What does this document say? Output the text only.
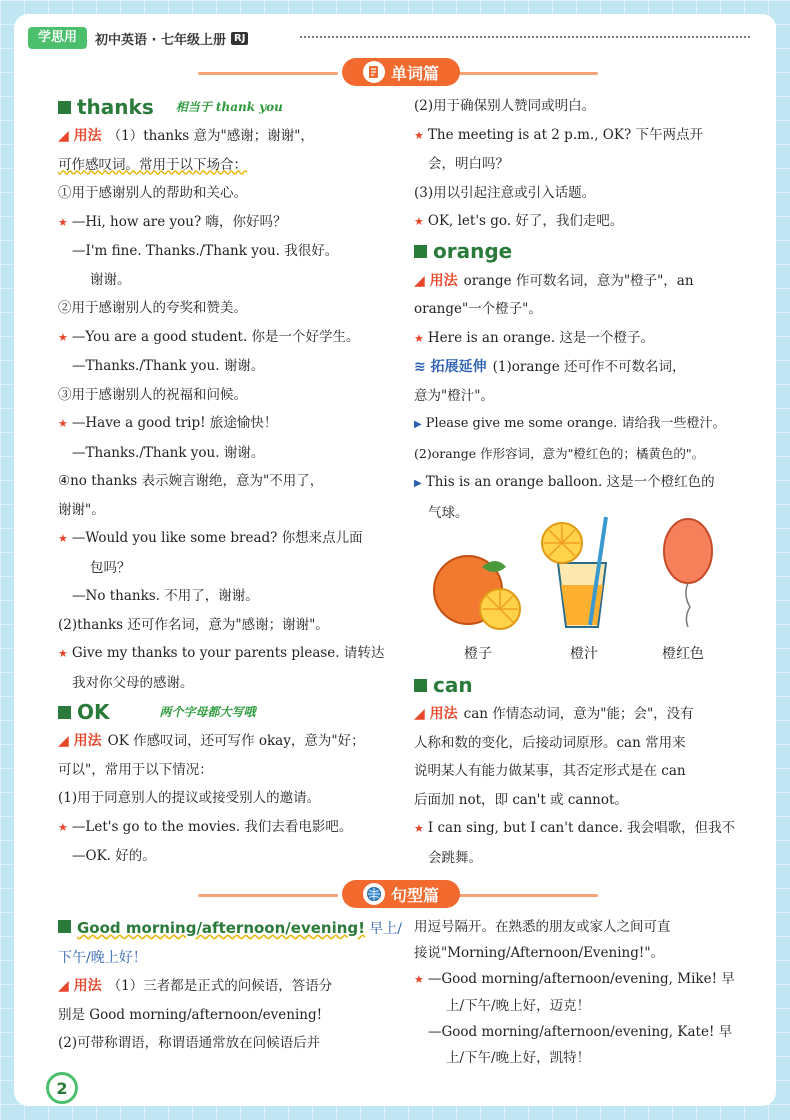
学思用	初中英语 · 七年级上册 RJ
单词篇
thanks 相当于 thank you

◢ 用法 （1）thanks 意为"感谢；谢谢"，

可作感叹词。常用于以下场合：

①用于感谢别人的帮助和关心。

★ —Hi, how are you? 嗨，你好吗？

—I'm fine. Thanks./Thank you. 我很好。

谢谢。

②用于感谢别人的夸奖和赞美。

★ —You are a good student. 你是一个好学生。

—Thanks./Thank you. 谢谢。

③用于感谢别人的祝福和问候。

★ —Have a good trip! 旅途愉快！

—Thanks./Thank you. 谢谢。

④no thanks 表示婉言谢绝，意为"不用了，

谢谢"。

★ —Would you like some bread? 你想来点儿面

包吗？

—No thanks. 不用了，谢谢。

(2)thanks 还可作名词，意为"感谢；谢谢"。

★ Give my thanks to your parents please. 请转达

我对你父母的感谢。

OK	两个字母都大写哦

◢ 用法 OK 作感叹词，还可写作 okay，意为"好；

可以"，常用于以下情况：

(1)用于同意别人的提议或接受别人的邀请。

★ —Let's go to the movies. 我们去看电影吧。

—OK. 好的。

(2)用于确保别人赞同或明白。

★ The meeting is at 2 p.m., OK? 下午两点开

会，明白吗？

(3)用以引起注意或引入话题。

★ OK, let's go. 好了，我们走吧。

orange

◢ 用法 orange 作可数名词，意为"橙子"，an

orange"一个橙子"。

★ Here is an orange. 这是一个橙子。

≋ 拓展延伸 (1)orange 还可作不可数名词，

意为"橙汁"。

▶ Please give me some orange. 请给我一些橙汁。

(2)orange 作形容词，意为"橙红色的；橘黄色的"。

▶ This is an orange balloon. 这是一个橙红色的

气球。

橙子	橙汁	橙红色
can

◢ 用法 can 作情态动词，意为"能；会"，没有

人称和数的变化，后接动词原形。can 常用来

说明某人有能力做某事，其否定形式是在 can

后面加 not，即 can't 或 cannot。

★ I can sing, but I can't dance. 我会唱歌，但我不

会跳舞。

句型篇

Good morning/afternoon/evening! 早上/

下午/晚上好！

◢ 用法 （1）三者都是正式的问候语，答语分

别是 Good morning/afternoon/evening!

(2)可带称谓语，称谓语通常放在问候语后并

用逗号隔开。在熟悉的朋友或家人之间可直

接说"Morning/Afternoon/Evening!"。

★ —Good morning/afternoon/evening, Mike! 早

上/下午/晚上好，迈克！

—Good morning/afternoon/evening, Kate! 早

上/下午/晚上好，凯特！

2
